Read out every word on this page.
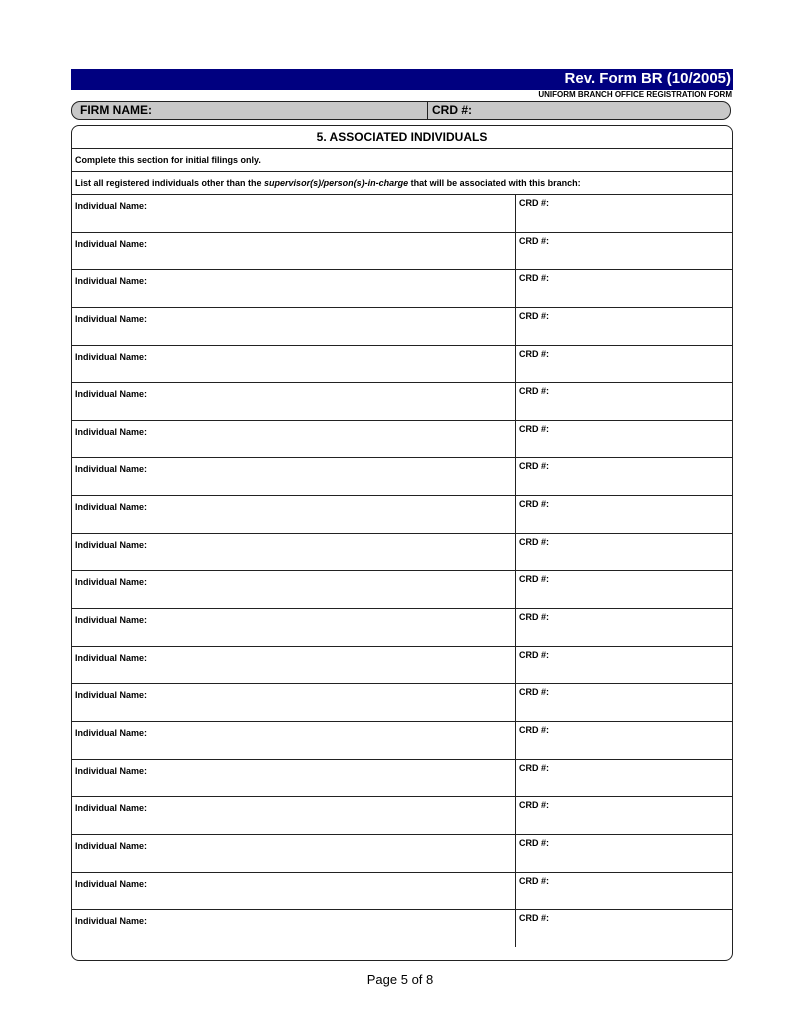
Rev. Form BR (10/2005)
UNIFORM BRANCH OFFICE REGISTRATION FORM
FIRM NAME:	CRD #:
5. ASSOCIATED INDIVIDUALS
Complete this section for initial filings only.
List all registered individuals other than the supervisor(s)/person(s)-in-charge that will be associated with this branch:
Individual Name:	CRD #:
Individual Name:	CRD #:
Individual Name:	CRD #:
Individual Name:	CRD #:
Individual Name:	CRD #:
Individual Name:	CRD #:
Individual Name:	CRD #:
Individual Name:	CRD #:
Individual Name:	CRD #:
Individual Name:	CRD #:
Individual Name:	CRD #:
Individual Name:	CRD #:
Individual Name:	CRD #:
Individual Name:	CRD #:
Individual Name:	CRD #:
Individual Name:	CRD #:
Individual Name:	CRD #:
Individual Name:	CRD #:
Individual Name:	CRD #:
Individual Name:	CRD #:
Page 5 of 8
